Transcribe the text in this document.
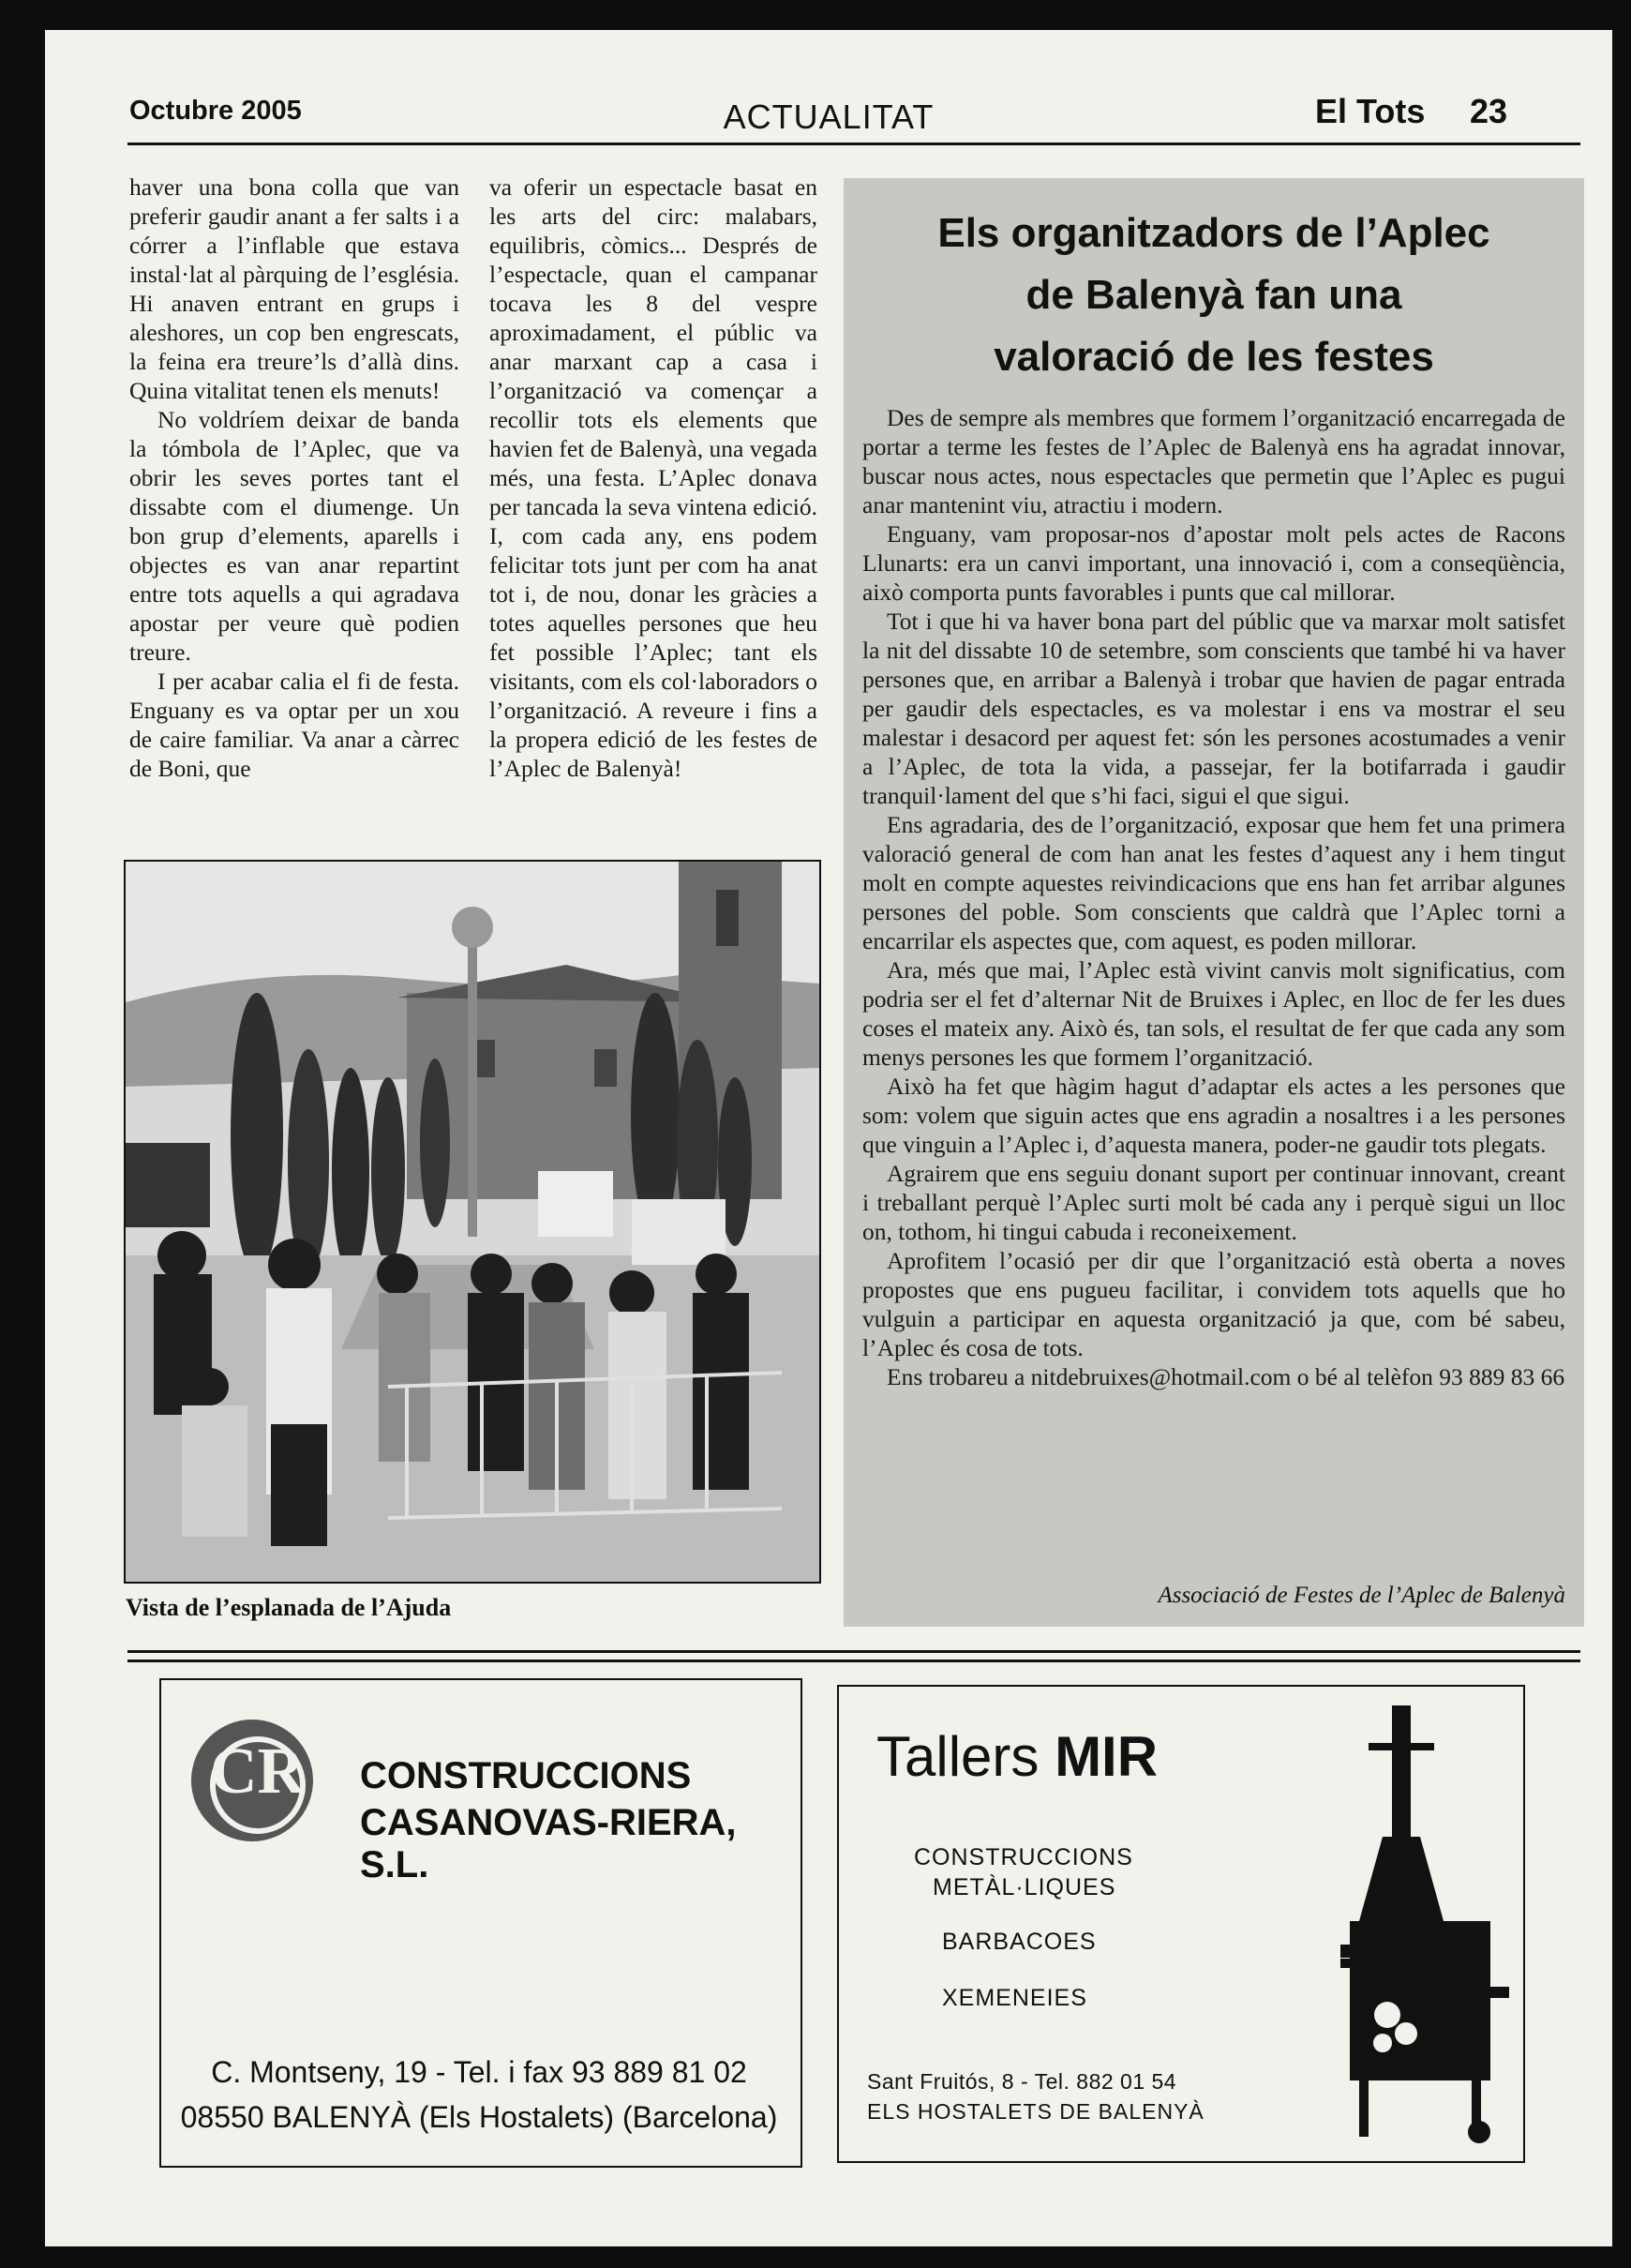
Octubre 2005	ACTUALITAT	El Tots 23

haver una bona colla que van preferir gaudir anant a fer salts i a córrer a l’inflable que estava instal·lat al pàrquing de l’església. Hi anaven entrant en grups i aleshores, un cop ben engrescats, la feina era treure’ls d’allà dins. Quina vitalitat tenen els menuts!

No voldríem deixar de banda la tómbola de l’Aplec, que va obrir les seves portes tant el dissabte com el diumenge. Un bon grup d’elements, aparells i objectes es van anar repartint entre tots aquells a qui agradava apostar per veure què podien treure.

I per acabar calia el fi de festa. Enguany es va optar per un xou de caire familiar. Va anar a càrrec de Boni, que

va oferir un espectacle basat en les arts del circ: malabars, equilibris, còmics... Després de l’espectacle, quan el campanar tocava les 8 del vespre aproximadament, el públic va anar marxant cap a casa i l’organització va començar a recollir tots els elements que havien fet de Balenyà, una vegada més, una festa. L’Aplec donava per tancada la seva vintena edició. I, com cada any, ens podem felicitar tots junt per com ha anat tot i, de nou, donar les gràcies a totes aquelles persones que heu fet possible l’Aplec; tant els visitants, com els col·laboradors o l’organització. A reveure i fins a la propera edició de les festes de l’Aplec de Balenyà!

Vista de l’esplanada de l’Ajuda
Els organitzadors de l’Aplec
de Balenyà fan una
valoració de les festes

Des de sempre als membres que formem l’organització encarregada de portar a terme les festes de l’Aplec de Balenyà ens ha agradat innovar, buscar nous actes, nous espectacles que permetin que l’Aplec es pugui anar mantenint viu, atractiu i modern.

Enguany, vam proposar-nos d’apostar molt pels actes de Racons Llunarts: era un canvi important, una innovació i, com a conseqüència, això comporta punts favorables i punts que cal millorar.

Tot i que hi va haver bona part del públic que va marxar molt satisfet la nit del dissabte 10 de setembre, som conscients que també hi va haver persones que, en arribar a Balenyà i trobar que havien de pagar entrada per gaudir dels espectacles, es va molestar i ens va mostrar el seu malestar i desacord per aquest fet: són les persones acostumades a venir a l’Aplec, de tota la vida, a passejar, fer la botifarrada i gaudir tranquil·lament del que s’hi faci, sigui el que sigui.

Ens agradaria, des de l’organització, exposar que hem fet una primera valoració general de com han anat les festes d’aquest any i hem tingut molt en compte aquestes reivindicacions que ens han fet arribar algunes persones del poble. Som conscients que caldrà que l’Aplec torni a encarrilar els aspectes que, com aquest, es poden millorar.

Ara, més que mai, l’Aplec està vivint canvis molt significatius, com podria ser el fet d’alternar Nit de Bruixes i Aplec, en lloc de fer les dues coses el mateix any. Això és, tan sols, el resultat de fer que cada any som menys persones les que formem l’organització.

Això ha fet que hàgim hagut d’adaptar els actes a les persones que som: volem que siguin actes que ens agradin a nosaltres i a les persones que vinguin a l’Aplec i, d’aquesta manera, poder-ne gaudir tots plegats.

Agrairem que ens seguiu donant suport per continuar innovant, creant i treballant perquè l’Aplec surti molt bé cada any i perquè sigui un lloc on, tothom, hi tingui cabuda i reconeixement.

Aprofitem l’ocasió per dir que l’organització està oberta a noves propostes que ens pugueu facilitar, i convidem tots aquells que ho vulguin a participar en aquesta organització ja que, com bé sabeu, l’Aplec és cosa de tots.

Ens trobareu a nitdebruixes@hotmail.com o bé al telèfon 93 889 83 66

Associació de Festes de l’Aplec de Balenyà
CR CONSTRUCCIONS
CASANOVAS-RIERA, S.L.
C. Montseny, 19 - Tel. i fax 93 889 81 02
08550 BALENYÀ (Els Hostalets) (Barcelona)
Tallers MIR
CONSTRUCCIONS
METÀL·LIQUES
BARBACOES
XEMENEIES
Sant Fruitós, 8 - Tel. 882 01 54
ELS HOSTALETS DE BALENYÀ
